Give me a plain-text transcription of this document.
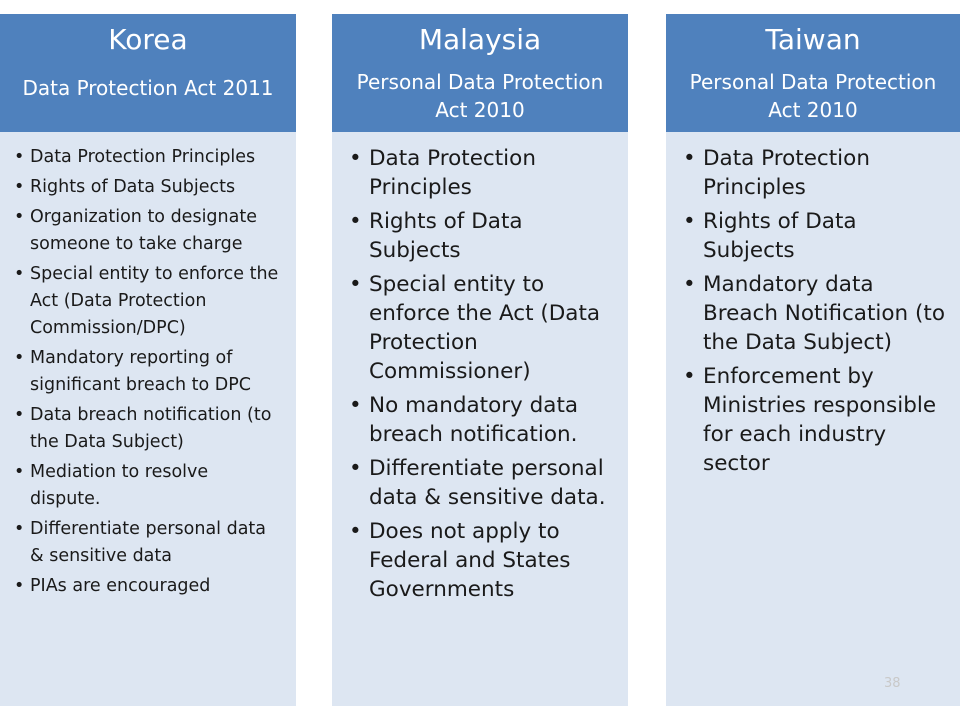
Korea
Data Protection Act 2011
• Data Protection Principles
• Rights of Data Subjects
• Organization to designate someone to take charge
• Special entity to enforce the Act (Data Protection Commission/DPC)
• Mandatory reporting of significant breach to DPC
• Data breach notification (to the Data Subject)
• Mediation to resolve dispute.
• Differentiate personal data & sensitive data
• PIAs are encouraged
Malaysia
Personal Data Protection Act 2010
• Data Protection Principles
• Rights of Data Subjects
• Special entity to enforce the Act (Data Protection Commissioner)
• No mandatory data breach notification.
• Differentiate personal data & sensitive data.
• Does not apply to Federal and States Governments
Taiwan
Personal Data Protection Act 2010
• Data Protection Principles
• Rights of Data Subjects
• Mandatory data Breach Notification (to the Data Subject)
• Enforcement by Ministries responsible for each industry sector
38
